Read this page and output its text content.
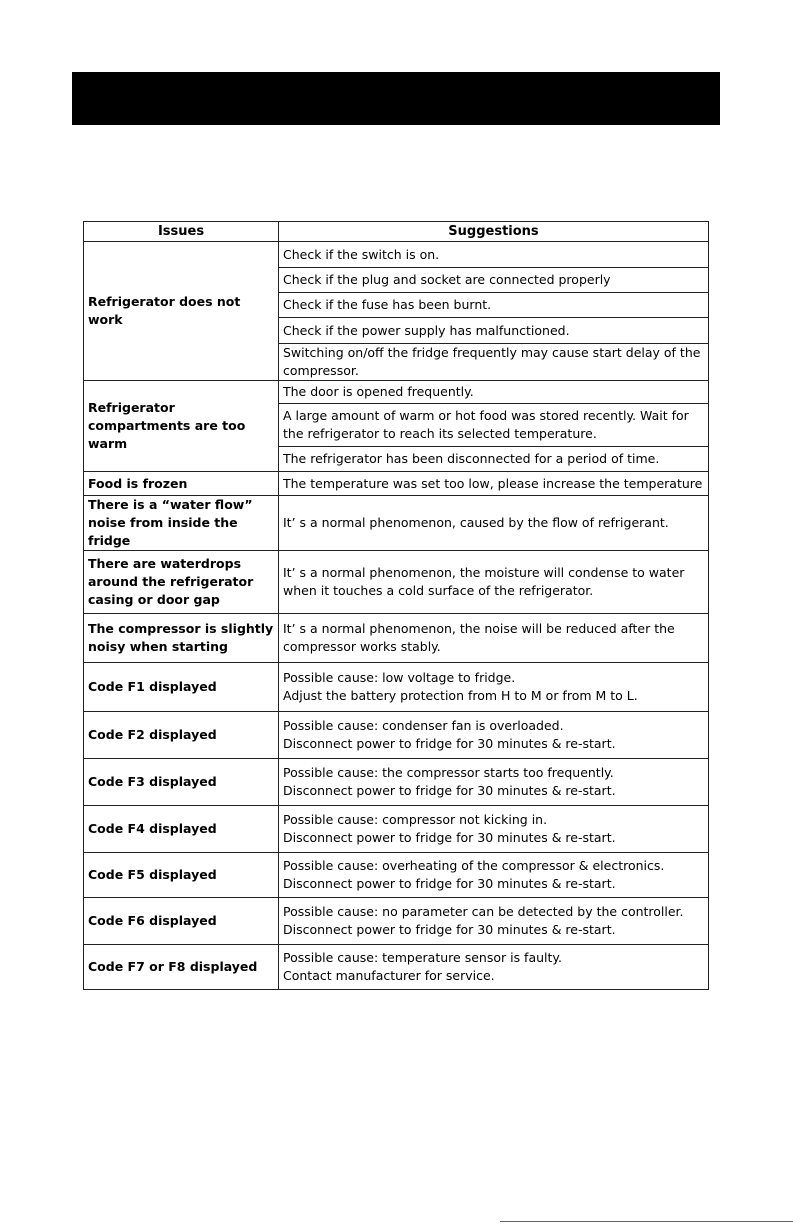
Issues	Suggestions
Refrigerator does not work	Check if the switch is on.

	Check if the plug and socket are connected properly

	Check if the fuse has been burnt.

	Check if the power supply has malfunctioned.

	Switching on/off the fridge frequently may cause start delay of the
compressor.

Refrigerator compartments are too warm	The door is opened frequently.

	A large amount of warm or hot food was stored recently. Wait for
the refrigerator to reach its selected temperature.

	The refrigerator has been disconnected for a period of time.

Food is frozen	The temperature was set too low, please increase the temperature

There is a “water flow” noise from inside the fridge	It’ s a normal phenomenon, caused by the flow of refrigerant.

There are waterdrops around the refrigerator casing or door gap	It’ s a normal phenomenon, the moisture will condense to water
when it touches a cold surface of the refrigerator.

The compressor is slightly noisy when starting	It’ s a normal phenomenon, the noise will be reduced after the
compressor works stably.

Code F1 displayed	Possible cause: low voltage to fridge.
Adjust the battery protection from H to M or from M to L.

Code F2 displayed	Possible cause: condenser fan is overloaded.
Disconnect power to fridge for 30 minutes & re-start.

Code F3 displayed	Possible cause: the compressor starts too frequently.
Disconnect power to fridge for 30 minutes & re-start.

Code F4 displayed	Possible cause: compressor not kicking in.
Disconnect power to fridge for 30 minutes & re-start.

Code F5 displayed	Possible cause: overheating of the compressor & electronics.
Disconnect power to fridge for 30 minutes & re-start.

Code F6 displayed	Possible cause: no parameter can be detected by the controller.
Disconnect power to fridge for 30 minutes & re-start.

Code F7 or F8 displayed	Possible cause: temperature sensor is faulty.
Contact manufacturer for service.
